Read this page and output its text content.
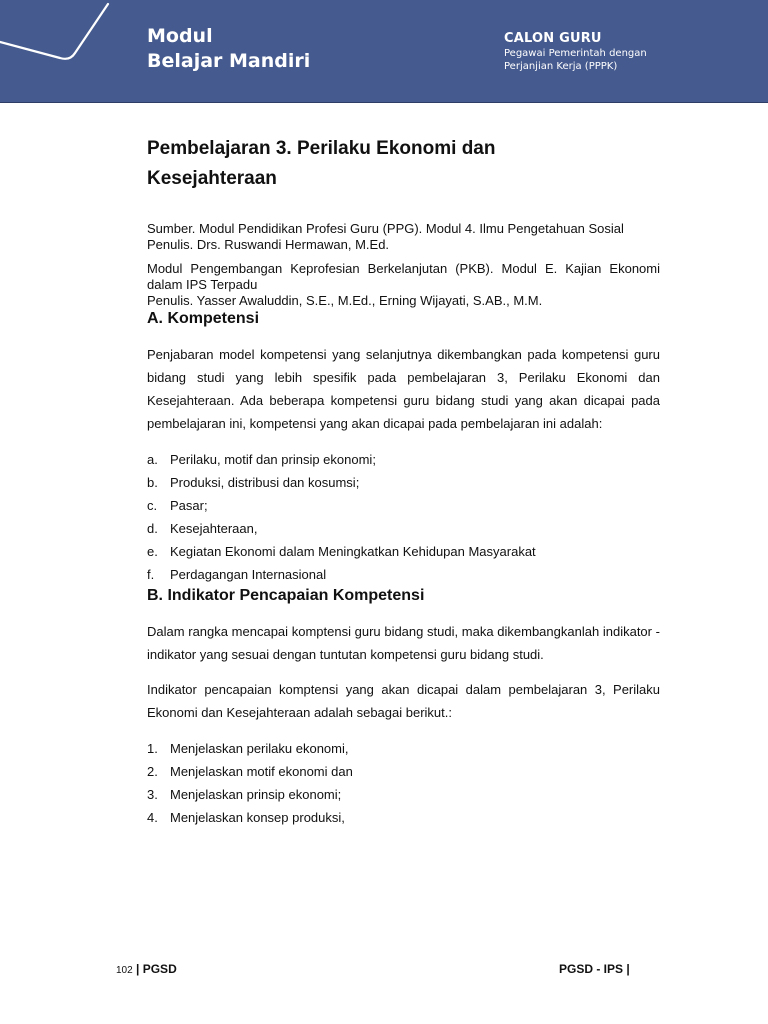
Modul
Belajar Mandiri
CALON GURU
Pegawai Pemerintah dengan
Perjanjian Kerja (PPPK)
Pembelajaran 3. Perilaku Ekonomi dan
Kesejahteraan
Sumber. Modul Pendidikan Profesi Guru (PPG). Modul 4. Ilmu Pengetahuan Sosial
Penulis. Drs. Ruswandi Hermawan, M.Ed.
Modul Pengembangan Keprofesian Berkelanjutan (PKB). Modul E. Kajian Ekonomi dalam IPS Terpadu
Penulis. Yasser Awaluddin, S.E., M.Ed., Erning Wijayati, S.AB., M.M.
A. Kompetensi

Penjabaran model kompetensi yang selanjutnya dikembangkan pada kompetensi guru bidang studi yang lebih spesifik pada pembelajaran 3, Perilaku Ekonomi dan Kesejahteraan. Ada beberapa kompetensi guru bidang studi yang akan dicapai pada pembelajaran ini, kompetensi yang akan dicapai pada pembelajaran ini adalah:

a. Perilaku, motif dan prinsip ekonomi;
b. Produksi, distribusi dan kosumsi;
c. Pasar;
d. Kesejahteraan,
e. Kegiatan Ekonomi dalam Meningkatkan Kehidupan Masyarakat
f.	Perdagangan Internasional
B. Indikator Pencapaian Kompetensi

Dalam rangka mencapai komptensi guru bidang studi, maka dikembangkanlah indikator - indikator yang sesuai dengan tuntutan kompetensi guru bidang studi.

Indikator pencapaian komptensi yang akan dicapai dalam pembelajaran 3, Perilaku Ekonomi dan Kesejahteraan adalah sebagai berikut.:

1. Menjelaskan perilaku ekonomi,
2. Menjelaskan motif ekonomi dan
3. Menjelaskan prinsip ekonomi;
4. Menjelaskan konsep produksi,
102 | PGSD	PGSD - IPS |
